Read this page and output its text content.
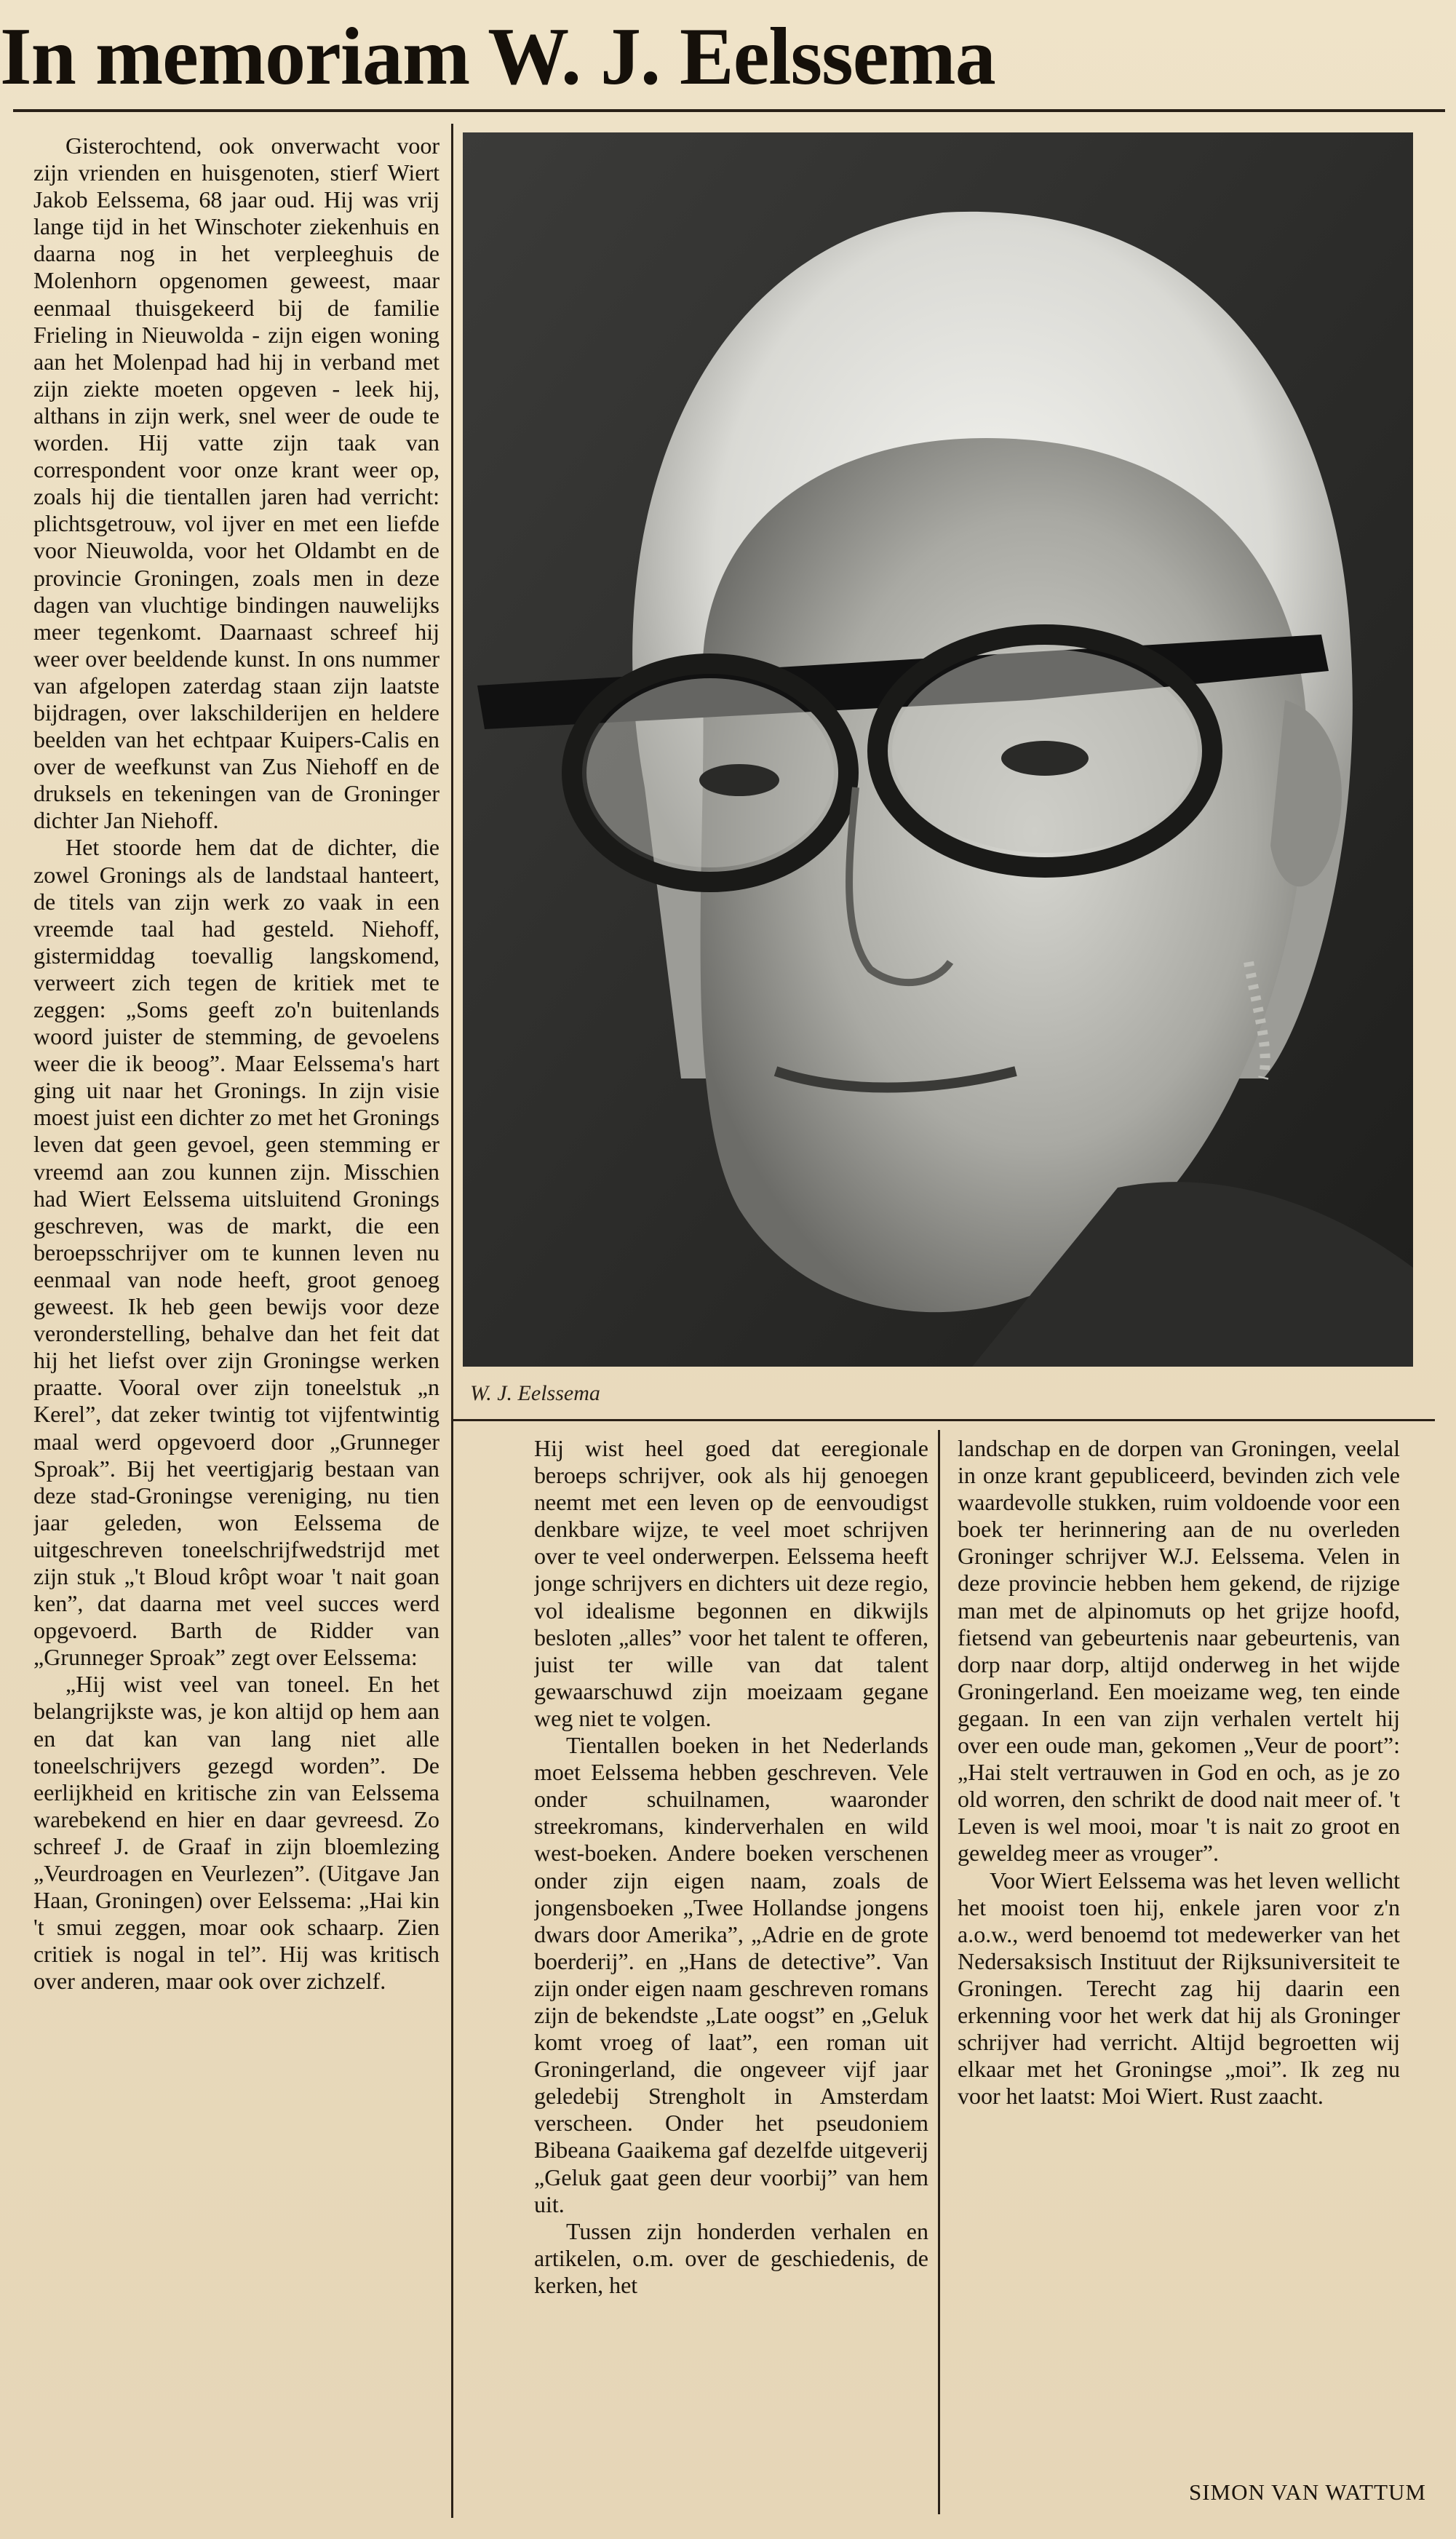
In memoriam W. J. Eelssema

Gisterochtend, ook onverwacht voor zijn vrienden en huisgenoten, stierf Wiert Jakob Eelssema, 68 jaar oud. Hij was vrij lange tijd in het Winschoter ziekenhuis en daarna nog in het verpleeghuis de Molenhorn opgenomen geweest, maar eenmaal thuisgekeerd bij de familie Frieling in Nieuwolda - zijn eigen woning aan het Molenpad had hij in verband met zijn ziekte moeten opgeven - leek hij, althans in zijn werk, snel weer de oude te worden. Hij vatte zijn taak van correspondent voor onze krant weer op, zoals hij die tientallen jaren had verricht: plichtsgetrouw, vol ijver en met een liefde voor Nieuwolda, voor het Oldambt en de provincie Groningen, zoals men in deze dagen van vluchtige bindingen nauwelijks meer tegenkomt. Daarnaast schreef hij weer over beeldende kunst. In ons nummer van afgelopen zaterdag staan zijn laatste bijdragen, over lakschilderijen en heldere beelden van het echtpaar Kuipers-Calis en over de weefkunst van Zus Niehoff en de druksels en tekeningen van de Groninger dichter Jan Niehoff.

Het stoorde hem dat de dichter, die zowel Gronings als de landstaal hanteert, de titels van zijn werk zo vaak in een vreemde taal had gesteld. Niehoff, gistermiddag toevallig langskomend, verweert zich tegen de kritiek met te zeggen: „Soms geeft zo'n buitenlands woord juister de stemming, de gevoelens weer die ik beoog”. Maar Eelssema's hart ging uit naar het Gronings. In zijn visie moest juist een dichter zo met het Gronings leven dat geen gevoel, geen stemming er vreemd aan zou kunnen zijn. Misschien had Wiert Eelssema uitsluitend Gronings geschreven, was de markt, die een beroepsschrijver om te kunnen leven nu eenmaal van node heeft, groot genoeg geweest. Ik heb geen bewijs voor deze veronderstelling, behalve dan het feit dat hij het liefst over zijn Groningse werken praatte. Vooral over zijn toneelstuk „n Kerel”, dat zeker twintig tot vijfentwintig maal werd opgevoerd door „Grunneger Sproak”. Bij het veertigjarig bestaan van deze stad-Groningse vereniging, nu tien jaar geleden, won Eelssema de uitgeschreven toneelschrijfwedstrijd met zijn stuk „'t Bloud krôpt woar 't nait goan ken”, dat daarna met veel succes werd opgevoerd. Barth de Ridder van „Grunneger Sproak” zegt over Eelssema:

„Hij wist veel van toneel. En het belangrijkste was, je kon altijd op hem aan en dat kan van lang niet alle toneelschrijvers gezegd worden”. De eerlijkheid en kritische zin van Eelssema warebekend en hier en daar gevreesd. Zo schreef J. de Graaf in zijn bloemlezing „Veurdroagen en Veurlezen”. (Uitgave Jan Haan, Groningen) over Eelssema: „Hai kin 't smui zeggen, moar ook schaarp. Zien critiek is nogal in tel”. Hij was kritisch over anderen, maar ook over zichzelf.

W. J. Eelssema

Hij wist heel goed dat eeregionale beroeps schrijver, ook als hij genoegen neemt met een leven op de eenvoudigst denkbare wijze, te veel moet schrijven over te veel onderwerpen. Eelssema heeft jonge schrijvers en dichters uit deze regio, vol idealisme begonnen en dikwijls besloten „alles” voor het talent te offeren, juist ter wille van dat talent gewaarschuwd zijn moeizaam gegane weg niet te volgen.

Tientallen boeken in het Nederlands moet Eelssema hebben geschreven. Vele onder schuilnamen, waaronder streekromans, kinderverhalen en wild west-boeken. Andere boeken verschenen onder zijn eigen naam, zoals de jongensboeken „Twee Hollandse jongens dwars door Amerika”, „Adrie en de grote boerderij”. en „Hans de detective”. Van zijn onder eigen naam geschreven romans zijn de bekendste „Late oogst” en „Geluk komt vroeg of laat”, een roman uit Groningerland, die ongeveer vijf jaar geledebij Strengholt in Amsterdam verscheen. Onder het pseudoniem Bibeana Gaaikema gaf dezelfde uitgeverij „Geluk gaat geen deur voorbij” van hem uit.

Tussen zijn honderden verhalen en artikelen, o.m. over de geschiedenis, de kerken, het

landschap en de dorpen van Groningen, veelal in onze krant gepubliceerd, bevinden zich vele waardevolle stukken, ruim voldoende voor een boek ter herinnering aan de nu overleden Groninger schrijver W.J. Eelssema. Velen in deze provincie hebben hem gekend, de rijzige man met de alpinomuts op het grijze hoofd, fietsend van gebeurtenis naar gebeurtenis, van dorp naar dorp, altijd onderweg in het wijde Groningerland. Een moeizame weg, ten einde gegaan. In een van zijn verhalen vertelt hij over een oude man, gekomen „Veur de poort”: „Hai stelt vertrauwen in God en och, as je zo old worren, den schrikt de dood nait meer of. 't Leven is wel mooi, moar 't is nait zo groot en geweldeg meer as vrouger”.

Voor Wiert Eelssema was het leven wellicht het mooist toen hij, enkele jaren voor z'n a.o.w., werd benoemd tot medewerker van het Nedersaksisch Instituut der Rijksuniversiteit te Groningen. Terecht zag hij daarin een erkenning voor het werk dat hij als Groninger schrijver had verricht. Altijd begroetten wij elkaar met het Groningse „moi”. Ik zeg nu voor het laatst: Moi Wiert. Rust zaacht.

SIMON VAN WATTUM
